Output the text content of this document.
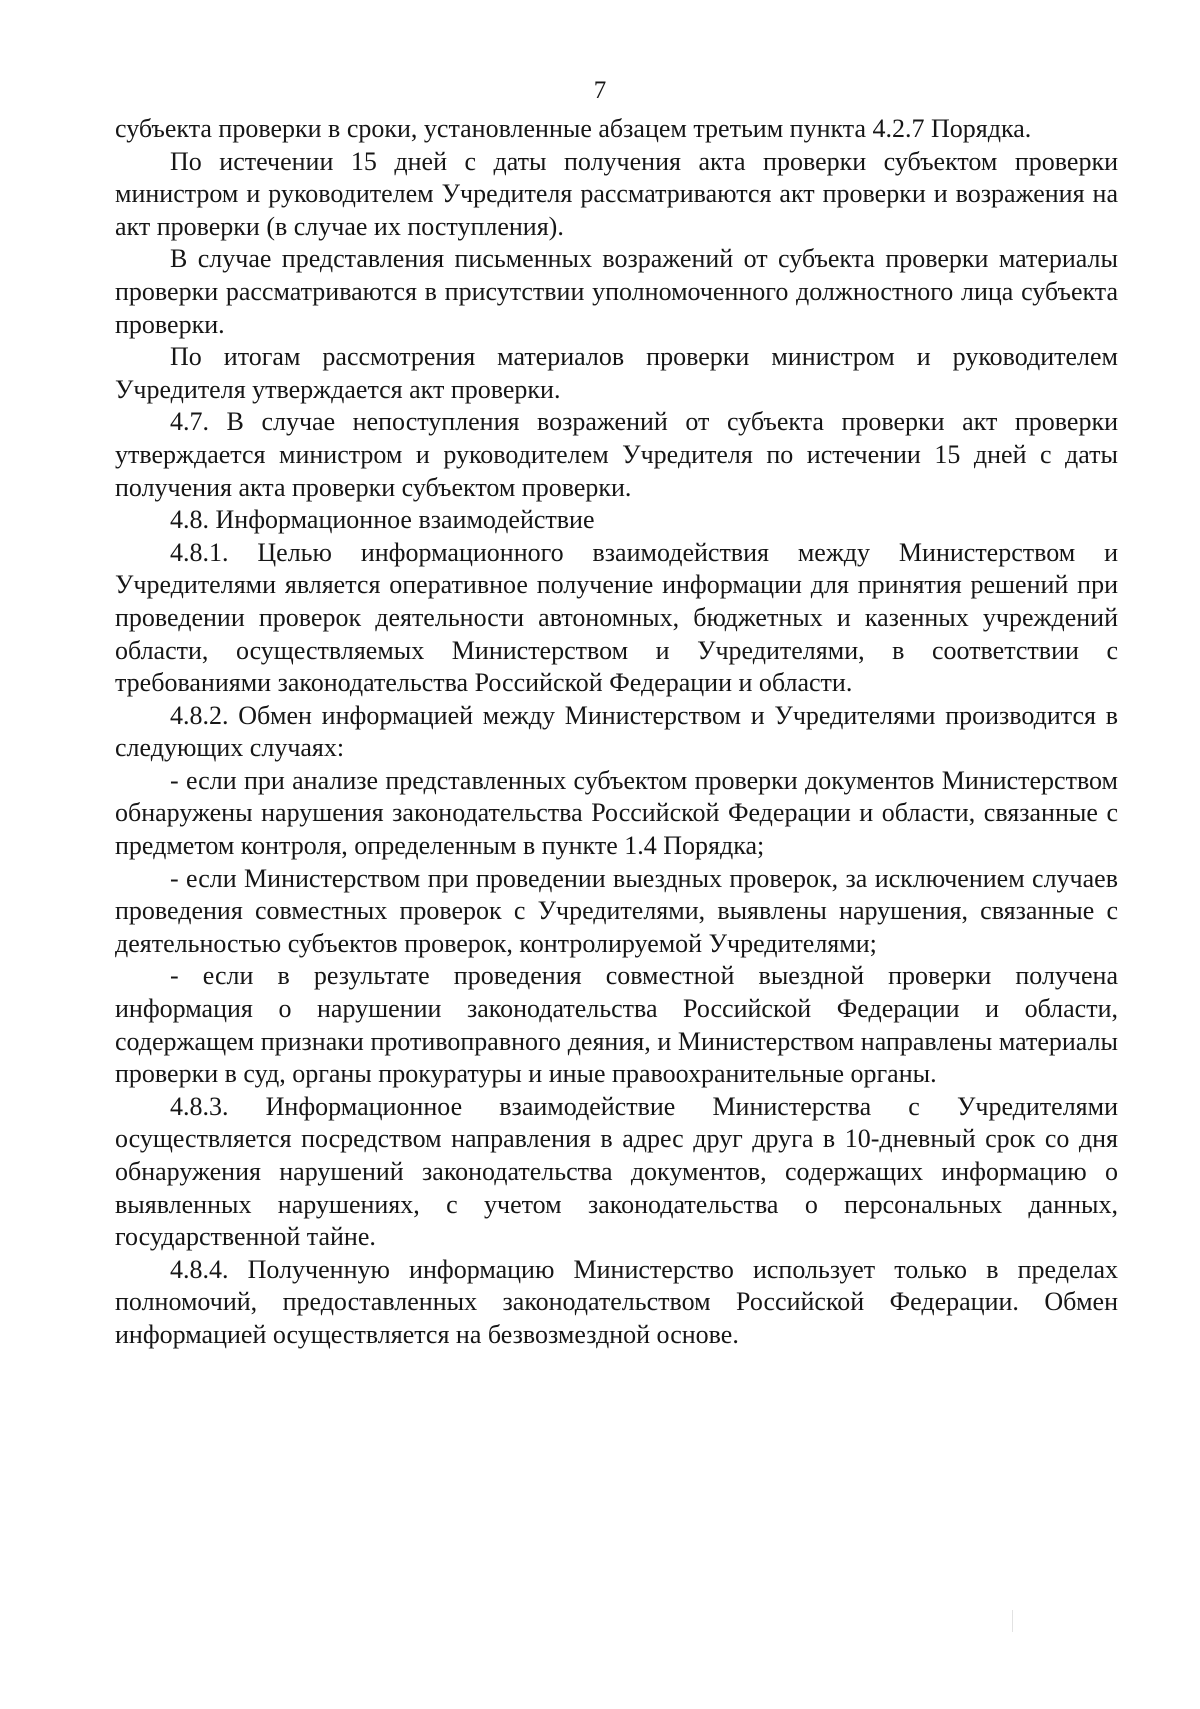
7

субъекта проверки в сроки, установленные абзацем третьим пункта 4.2.7 Порядка.

По истечении 15 дней с даты получения акта проверки субъектом проверки министром и руководителем Учредителя рассматриваются акт проверки и возражения на акт проверки (в случае их поступления).

В случае представления письменных возражений от субъекта проверки материалы проверки рассматриваются в присутствии уполномоченного должностного лица субъекта проверки.

По итогам рассмотрения материалов проверки министром и руководителем Учредителя утверждается акт проверки.

4.7. В случае непоступления возражений от субъекта проверки акт проверки утверждается министром и руководителем Учредителя по истечении 15 дней с даты получения акта проверки субъектом проверки.

4.8. Информационное взаимодействие

4.8.1. Целью информационного взаимодействия между Министерством и Учредителями является оперативное получение информации для принятия решений при проведении проверок деятельности автономных, бюджетных и казенных учреждений области, осуществляемых Министерством и Учредителями, в соответствии с требованиями законодательства Российской Федерации и области.

4.8.2. Обмен информацией между Министерством и Учредителями производится в следующих случаях:

- если при анализе представленных субъектом проверки документов Министерством обнаружены нарушения законодательства Российской Федерации и области, связанные с предметом контроля, определенным в пункте 1.4 Порядка;

- если Министерством при проведении выездных проверок, за исключением случаев проведения совместных проверок с Учредителями, выявлены нарушения, связанные с деятельностью субъектов проверок, контролируемой Учредителями;

- если в результате проведения совместной выездной проверки получена информация о нарушении законодательства Российской Федерации и области, содержащем признаки противоправного деяния, и Министерством направлены материалы проверки в суд, органы прокуратуры и иные правоохранительные органы.

4.8.3. Информационное взаимодействие Министерства с Учредителями осуществляется посредством направления в адрес друг друга в 10-дневный срок со дня обнаружения нарушений законодательства документов, содержащих информацию о выявленных нарушениях, с учетом законодательства о персональных данных, государственной тайне.

4.8.4. Полученную информацию Министерство использует только в пределах полномочий, предоставленных законодательством Российской Федерации. Обмен информацией осуществляется на безвозмездной основе.
